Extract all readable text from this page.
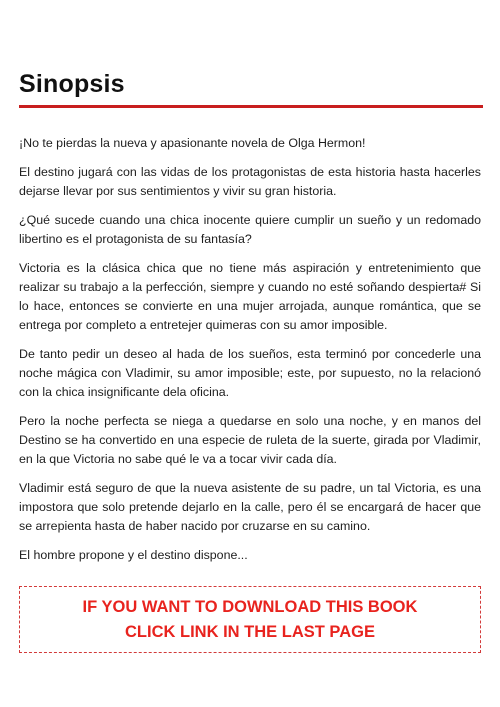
Sinopsis

¡No te pierdas la nueva y apasionante novela de Olga Hermon!

El destino jugará con las vidas de los protagonistas de esta historia hasta hacerles dejarse llevar por sus sentimientos y vivir su gran historia.

¿Qué sucede cuando una chica inocente quiere cumplir un sueño y un redomado libertino es el protagonista de su fantasía?

Victoria es la clásica chica que no tiene más aspiración y entretenimiento que realizar su trabajo a la perfección, siempre y cuando no esté soñando despierta# Si lo hace, entonces se convierte en una mujer arrojada, aunque romántica, que se entrega por completo a entretejer quimeras con su amor imposible.

De tanto pedir un deseo al hada de los sueños, esta terminó por concederle una noche mágica con Vladimir, su amor imposible; este, por supuesto, no la relacionó con la chica insignificante dela oficina.

Pero la noche perfecta se niega a quedarse en solo una noche, y en manos del Destino se ha convertido en una especie de ruleta de la suerte, girada por Vladimir, en la que Victoria no sabe qué le va a tocar vivir cada día.

Vladimir está seguro de que la nueva asistente de su padre, un tal Victoria, es una impostora que solo pretende dejarlo en la calle, pero él se encargará de hacer que se arrepienta hasta de haber nacido por cruzarse en su camino.

El hombre propone y el destino dispone...

IF YOU WANT TO DOWNLOAD THIS BOOK
CLICK LINK IN THE LAST PAGE
